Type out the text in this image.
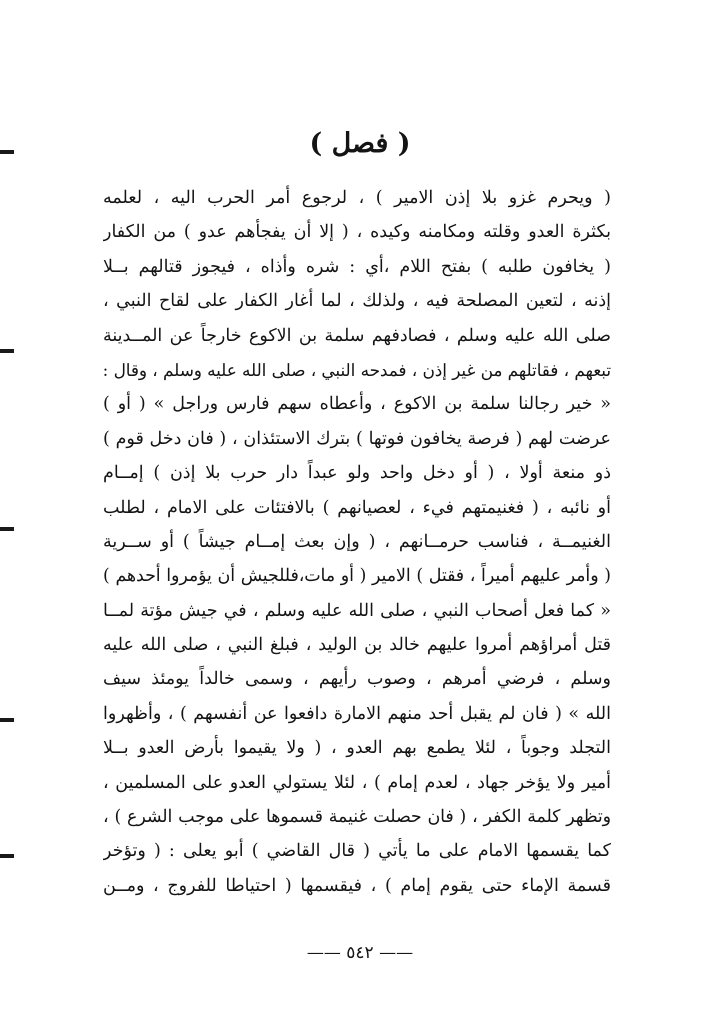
( فصل )
( ويحرم غزو بلا إذن الامير ) ، لرجوع أمر الحرب اليه ، لعلمه
بكثرة العدو وقلته ومكامنه وكيده ، ( إلا أن يفجأهم عدو ) من الكفار
( يخافون طلبه ) بفتح اللام ،أي : شره وأذاه ، فيجوز قتالهم بــلا
إذنه ، لتعين المصلحة فيه ، ولذلك ، لما أغار الكفار على لقاح النبي ،
صلى الله عليه وسلم ، فصادفهم سلمة بن الاكوع خارجاً عن المــدينة
تبعهم ، فقاتلهم من غير إذن ، فمدحه النبي ، صلى الله عليه وسلم ، وقال :
« خير رجالنا سلمة بن الاكوع ، وأعطاه سهم فارس وراجل » ( أو )
عرضت لهم ( فرصة يخافون فوتها ) بترك الاستئذان ، ( فان دخل قوم )
ذو منعة أولا ، ( أو دخل واحد ولو عبداً دار حرب بلا إذن ) إمــام
أو نائبه ، ( فغنيمتهم فيء ، لعصيانهم ) بالافتئات على الامام ، لطلب
الغنيمــة ، فناسب حرمــانهم ، ( وإن بعث إمــام جيشاً ) أو ســرية
( وأمر عليهم أميراً ، فقتل ) الامير ( أو مات،فللجيش أن يؤمروا أحدهم )
« كما فعل أصحاب النبي ، صلى الله عليه وسلم ، في جيش مؤتة لمــا
قتل أمراؤهم أمروا عليهم خالد بن الوليد ، فبلغ النبي ، صلى الله عليه
وسلم ، فرضي أمرهم ، وصوب رأيهم ، وسمى خالداً يومئذ سيف
الله » ( فان لم يقبل أحد منهم الامارة دافعوا عن أنفسهم ) ، وأظهروا
التجلد وجوباً ، لئلا يطمع بهم العدو ، ( ولا يقيموا بأرض العدو بــلا
أمير ولا يؤخر جهاد ، لعدم إمام ) ، لئلا يستولي العدو على المسلمين ،
وتظهر كلمة الكفر ، ( فان حصلت غنيمة قسموها على موجب الشرع ) ،
كما يقسمها الامام على ما يأتي ( قال القاضي ) أبو يعلى : ( وتؤخر
قسمة الإماء حتى يقوم إمام ) ، فيقسمها ( احتياطا للفروج ، ومــن
—— ٥٤٢ ——
